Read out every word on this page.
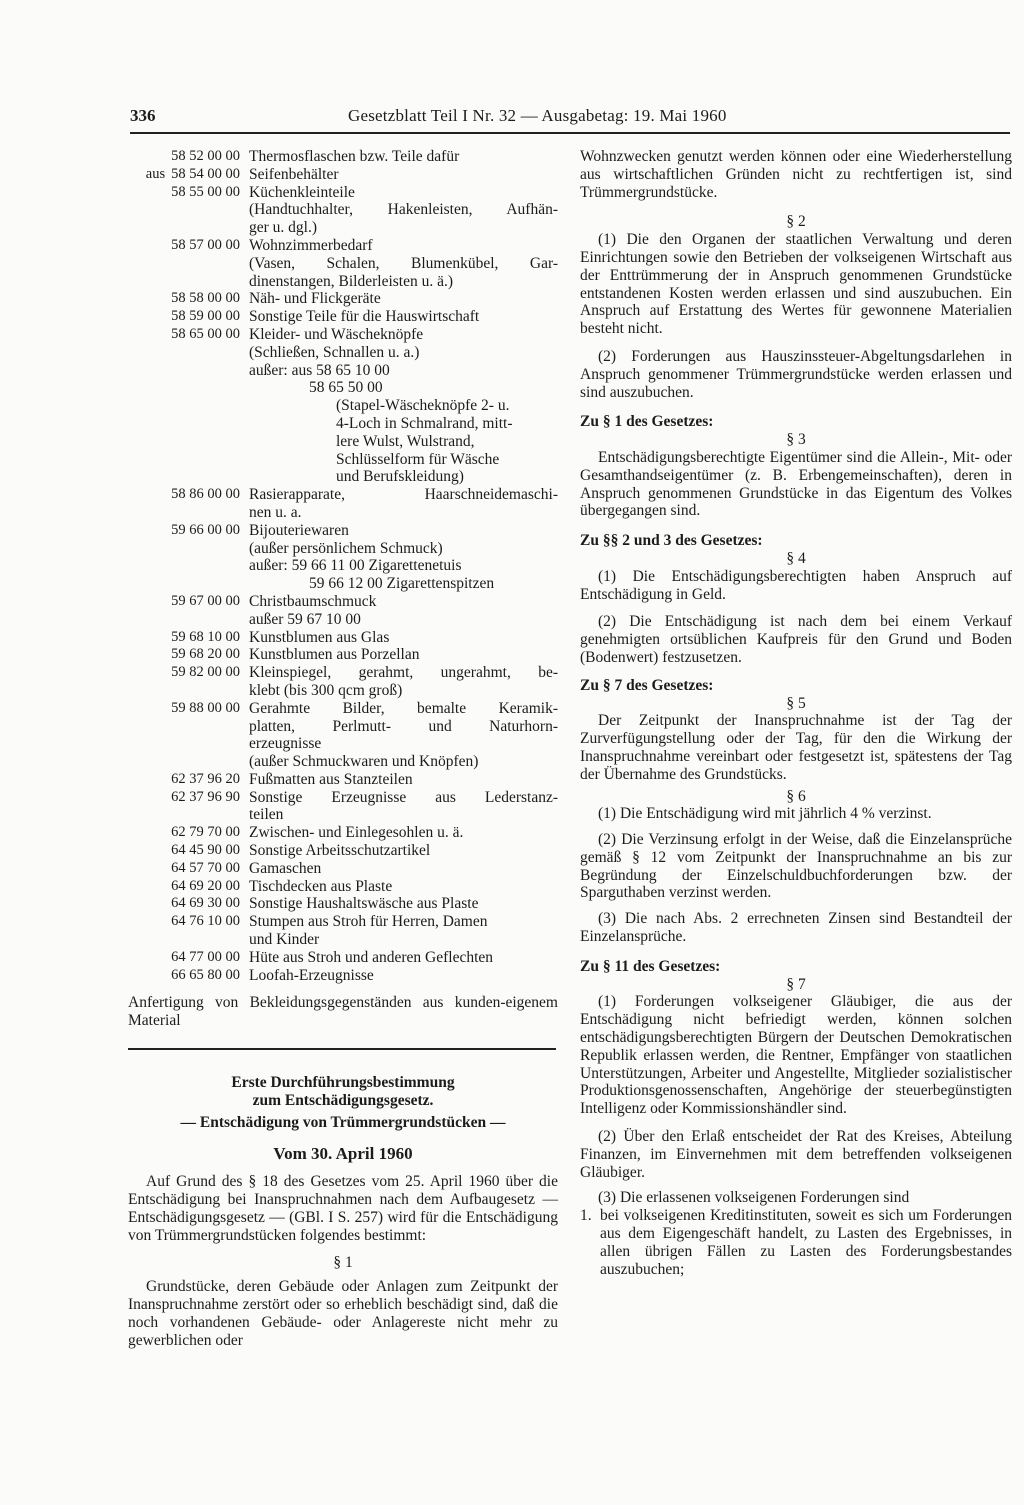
336	Gesetzblatt Teil I Nr. 32 — Ausgabetag: 19. Mai 1960
58 52 00 00 Thermosflaschen bzw. Teile dafür
aus 58 54 00 00 Seifenbehälter
58 55 00 00 Küchenkleinteile
(Handtuchhalter, Hakenleisten, Aufhän-
ger u. dgl.)
58 57 00 00 Wohnzimmerbedarf
(Vasen, Schalen, Blumenkübel, Gar-
dinenstangen, Bilderleisten u. ä.)
58 58 00 00 Näh- und Flickgeräte
58 59 00 00 Sonstige Teile für die Hauswirtschaft
58 65 00 00 Kleider- und Wäscheknöpfe
(Schließen, Schnallen u. a.)
außer: aus 58 65 10 00
58 65 50 00
(Stapel-Wäscheknöpfe 2- u.
4-Loch in Schmalrand, mitt-
lere Wulst, Wulstrand,
Schlüsselform für Wäsche
und Berufskleidung)
58 86 00 00 Rasierapparate, Haarschneidemaschi-
nen u. a.
59 66 00 00 Bijouteriewaren
(außer persönlichem Schmuck)
außer: 59 66 11 00 Zigarettenetuis
59 66 12 00 Zigarettenspitzen
59 67 00 00 Christbaumschmuck
außer 59 67 10 00
59 68 10 00 Kunstblumen aus Glas
59 68 20 00 Kunstblumen aus Porzellan
59 82 00 00 Kleinspiegel, gerahmt, ungerahmt, be-
klebt (bis 300 qcm groß)
59 88 00 00 Gerahmte Bilder, bemalte Keramik-
platten, Perlmutt- und Naturhorn-
erzeugnisse
(außer Schmuckwaren und Knöpfen)
62 37 96 20 Fußmatten aus Stanzteilen
62 37 96 90 Sonstige Erzeugnisse aus Lederstanz-
teilen
62 79 70 00 Zwischen- und Einlegesohlen u. ä.
64 45 90 00 Sonstige Arbeitsschutzartikel
64 57 70 00 Gamaschen
64 69 20 00 Tischdecken aus Plaste
64 69 30 00 Sonstige Haushaltswäsche aus Plaste
64 76 10 00 Stumpen aus Stroh für Herren, Damen
und Kinder
64 77 00 00 Hüte aus Stroh und anderen Geflechten
66 65 80 00 Loofah-Erzeugnisse

Anfertigung von Bekleidungsgegenständen aus kunden-eigenem Material

Erste Durchführungsbestimmung

zum Entschädigungsgesetz.

— Entschädigung von Trümmergrundstücken —

Vom 30. April 1960

Auf Grund des § 18 des Gesetzes vom 25. April 1960 über die Entschädigung bei Inanspruchnahmen nach dem Aufbaugesetz — Entschädigungsgesetz — (GBl. I S. 257) wird für die Entschädigung von Trümmergrundstücken folgendes bestimmt:

§ 1

Grundstücke, deren Gebäude oder Anlagen zum Zeitpunkt der Inanspruchnahme zerstört oder so erheblich beschädigt sind, daß die noch vorhandenen Gebäude- oder Anlagereste nicht mehr zu gewerblichen oder

Wohnzwecken genutzt werden können oder eine Wiederherstellung aus wirtschaftlichen Gründen nicht zu rechtfertigen ist, sind Trümmergrundstücke.

§ 2

(1) Die den Organen der staatlichen Verwaltung und deren Einrichtungen sowie den Betrieben der volkseigenen Wirtschaft aus der Enttrümmerung der in Anspruch genommenen Grundstücke entstandenen Kosten werden erlassen und sind auszubuchen. Ein Anspruch auf Erstattung des Wertes für gewonnene Materialien besteht nicht.

(2) Forderungen aus Hauszinssteuer-Abgeltungsdarlehen in Anspruch genommener Trümmergrundstücke werden erlassen und sind auszubuchen.

Zu § 1 des Gesetzes:

§ 3

Entschädigungsberechtigte Eigentümer sind die Allein-, Mit- oder Gesamthandseigentümer (z. B. Erbengemeinschaften), deren in Anspruch genommenen Grundstücke in das Eigentum des Volkes übergegangen sind.

Zu §§ 2 und 3 des Gesetzes:

§ 4

(1) Die Entschädigungsberechtigten haben Anspruch auf Entschädigung in Geld.

(2) Die Entschädigung ist nach dem bei einem Verkauf genehmigten ortsüblichen Kaufpreis für den Grund und Boden (Bodenwert) festzusetzen.

Zu § 7 des Gesetzes:

§ 5

Der Zeitpunkt der Inanspruchnahme ist der Tag der Zurverfügungstellung oder der Tag, für den die Wirkung der Inanspruchnahme vereinbart oder festgesetzt ist, spätestens der Tag der Übernahme des Grundstücks.

§ 6

(1) Die Entschädigung wird mit jährlich 4 % verzinst.

(2) Die Verzinsung erfolgt in der Weise, daß die Einzelansprüche gemäß § 12 vom Zeitpunkt der Inanspruchnahme an bis zur Begründung der Einzelschuldbuchforderungen bzw. der Sparguthaben verzinst werden.

(3) Die nach Abs. 2 errechneten Zinsen sind Bestandteil der Einzelansprüche.

Zu § 11 des Gesetzes:

§ 7

(1) Forderungen volkseigener Gläubiger, die aus der Entschädigung nicht befriedigt werden, können solchen entschädigungsberechtigten Bürgern der Deutschen Demokratischen Republik erlassen werden, die Rentner, Empfänger von staatlichen Unterstützungen, Arbeiter und Angestellte, Mitglieder sozialistischer Produktionsgenossenschaften, Angehörige der steuerbegünstigten Intelligenz oder Kommissionshändler sind.

(2) Über den Erlaß entscheidet der Rat des Kreises, Abteilung Finanzen, im Einvernehmen mit dem betreffenden volkseigenen Gläubiger.

(3) Die erlassenen volkseigenen Forderungen sind

1. bei volkseigenen Kreditinstituten, soweit es sich um Forderungen aus dem Eigengeschäft handelt, zu Lasten des Ergebnisses, in allen übrigen Fällen zu Lasten des Forderungsbestandes auszubuchen;
